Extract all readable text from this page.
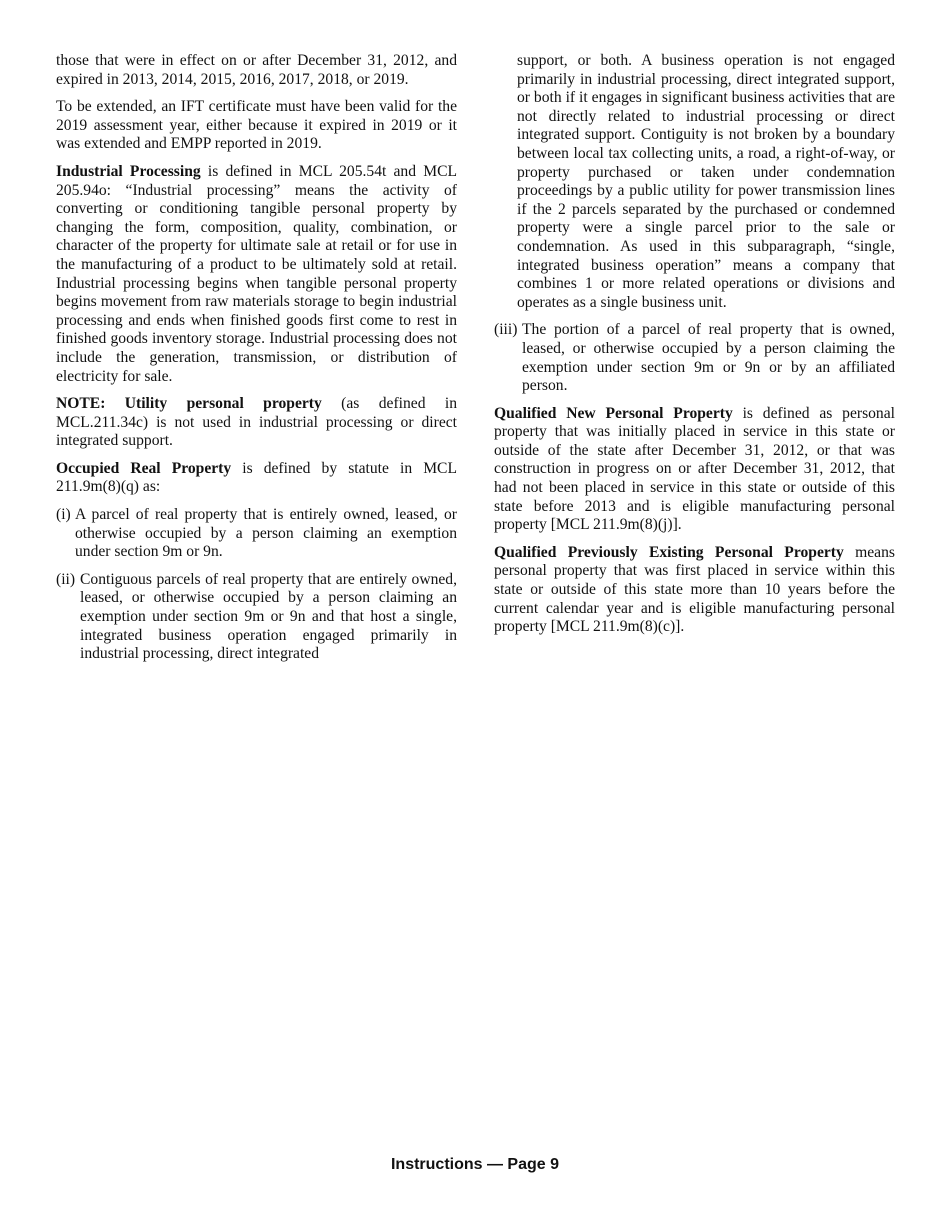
those that were in effect on or after December 31, 2012, and expired in 2013, 2014, 2015, 2016, 2017, 2018, or 2019.

To be extended, an IFT certificate must have been valid for the 2019 assessment year, either because it expired in 2019 or it was extended and EMPP reported in 2019.

Industrial Processing is defined in MCL 205.54t and MCL 205.94o: “Industrial processing” means the activity of converting or conditioning tangible personal property by changing the form, composition, quality, combination, or character of the property for ultimate sale at retail or for use in the manufacturing of a product to be ultimately sold at retail. Industrial processing begins when tangible personal property begins movement from raw materials storage to begin industrial processing and ends when finished goods first come to rest in finished goods inventory storage. Industrial processing does not include the generation, transmission, or distribution of electricity for sale.

NOTE: Utility personal property (as defined in MCL.211.34c) is not used in industrial processing or direct integrated support.

Occupied Real Property is defined by statute in MCL 211.9m(8)(q) as:

(i) A parcel of real property that is entirely owned, leased, or otherwise occupied by a person claiming an exemption under section 9m or 9n.
(ii) Contiguous parcels of real property that are entirely owned, leased, or otherwise occupied by a person claiming an exemption under section 9m or 9n and that host a single, integrated business operation engaged primarily in industrial processing, direct integrated

support, or both. A business operation is not engaged primarily in industrial processing, direct integrated support, or both if it engages in significant business activities that are not directly related to industrial processing or direct integrated support. Contiguity is not broken by a boundary between local tax collecting units, a road, a right-of-way, or property purchased or taken under condemnation proceedings by a public utility for power transmission lines if the 2 parcels separated by the purchased or condemned property were a single parcel prior to the sale or condemnation. As used in this subparagraph, “single, integrated business operation” means a company that combines 1 or more related operations or divisions and operates as a single business unit.

(iii) The portion of a parcel of real property that is owned, leased, or otherwise occupied by a person claiming the exemption under section 9m or 9n or by an affiliated person.

Qualified New Personal Property is defined as personal property that was initially placed in service in this state or outside of the state after December 31, 2012, or that was construction in progress on or after December 31, 2012, that had not been placed in service in this state or outside of this state before 2013 and is eligible manufacturing personal property [MCL 211.9m(8)(j)].

Qualified Previously Existing Personal Property means personal property that was first placed in service within this state or outside of this state more than 10 years before the current calendar year and is eligible manufacturing personal property [MCL 211.9m(8)(c)].

Instructions — Page 9
